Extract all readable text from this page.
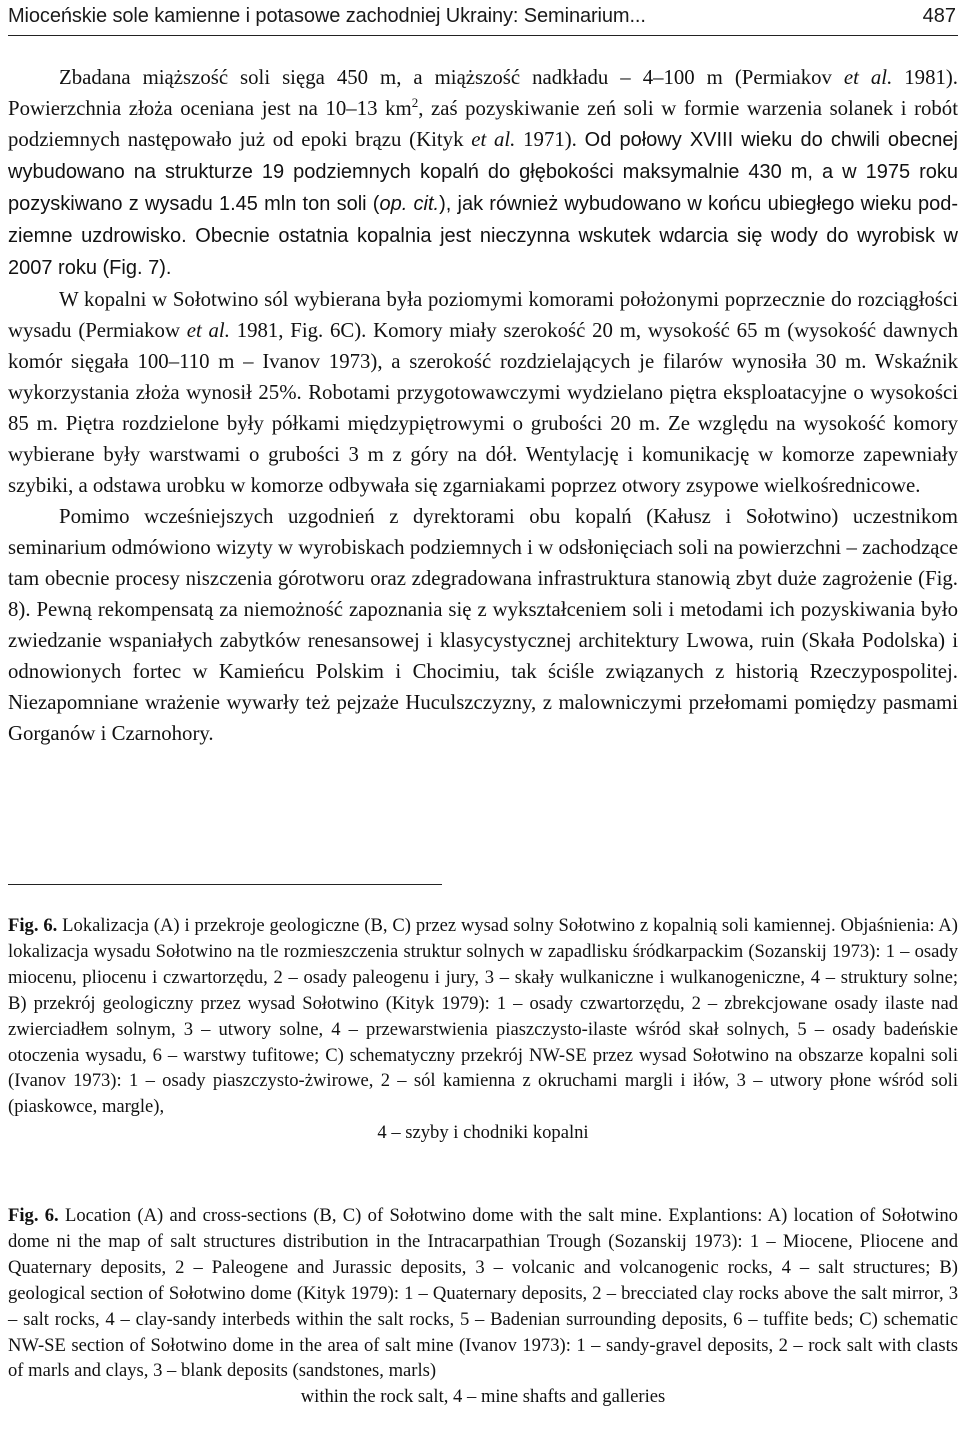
Mioceńskie sole kamienne i potasowe zachodniej Ukrainy: Seminarium...	487

Zbadana miąższość soli sięga 450 m, a miąższość nadkładu – 4–100 m (Permiakov et al. 1981). Powierzchnia złoża oceniana jest na 10–13 $km^2$, zaś pozyskiwanie zeń soli w formie warzenia solanek i robót podziemnych następowało już od epoki brązu (Kityk et al. 1971). Od połowy XVIII wieku do chwili obecnej wybudowano na strukturze 19 podziemnych kopalń do głębokości maksymalnie 430 m, a w 1975 roku pozyskiwano z wysadu 1.45 mln ton soli (op. cit.), jak również wybudowano w końcu ubiegłego wieku podziemne uzdrowisko. Obecnie ostatnia kopalnia jest nieczynna wskutek wdarcia się wody do wyrobisk w 2007 roku (Fig. 7).

W kopalni w Sołotwino sól wybierana była poziomymi komorami położonymi poprzecznie do rozciągłości wysadu (Permiakow et al. 1981, Fig. 6C). Komory miały szerokość 20 m, wysokość 65 m (wysokość dawnych komór sięgała 100–110 m – Ivanov 1973), a szerokość rozdzielających je filarów wynosiła 30 m. Wskaźnik wykorzystania złoża wynosił 25%. Robotami przygotowawczymi wydzielano piętra eksploatacyjne o wysokości 85 m. Piętra rozdzielone były półkami międzypiętrowymi o grubości 20 m. Ze względu na wysokość komory wybierane były warstwami o grubości 3 m z góry na dół. Wentylację i komunikację w komorze zapewniały szybiki, a odstawa urobku w komorze odbywała się zgarniakami poprzez otwory zsypowe wielkośrednicowe.

Pomimo wcześniejszych uzgodnień z dyrektorami obu kopalń (Kałusz i Sołotwino) uczestnikom seminarium odmówiono wizyty w wyrobiskach podziemnych i w odsłonięciach soli na powierzchni – zachodzące tam obecnie procesy niszczenia górotworu oraz zdegradowana infrastruktura stanowią zbyt duże zagrożenie (Fig. 8). Pewną rekompensatą za niemożność zapoznania się z wykształceniem soli i metodami ich pozyskiwania było zwiedzanie wspaniałych zabytków renesansowej i klasycystycznej architektury Lwowa, ruin (Skała Podolska) i odnowionych fortec w Kamieńcu Polskim i Chocimiu, tak ściśle związanych z historią Rzeczypospolitej. Niezapomniane wrażenie wywarły też pejzaże Huculszczyzny, z malowniczymi przełomami pomiędzy pasmami Gorganów i Czarnohory.

Fig. 6. Lokalizacja (A) i przekroje geologiczne (B, C) przez wysad solny Sołotwino z kopalnią soli kamiennej. Objaśnienia: A) lokalizacja wysadu Sołotwino na tle rozmieszczenia struktur solnych w zapadlisku śródkarpackim (Sozanskij 1973): 1 – osady miocenu, pliocenu i czwartorzędu, 2 – osady paleogenu i jury, 3 – skały wulkaniczne i wulkanogeniczne, 4 – struktury solne; B) przekrój geologiczny przez wysad Sołotwino (Kityk 1979): 1 – osady czwartorzędu, 2 – zbrekcjowane osady ilaste nad zwierciadłem solnym, 3 – utwory solne, 4 – przewarstwienia piaszczysto-ilaste wśród skał solnych, 5 – osady badeńskie otoczenia wysadu, 6 – warstwy tufitowe; C) schematyczny przekrój NW-SE przez wysad Sołotwino na obszarze kopalni soli (Ivanov 1973): 1 – osady piaszczysto-żwirowe, 2 – sól kamienna z okruchami margli i iłów, 3 – utwory płone wśród soli (piaskowce, margle),
4 – szyby i chodniki kopalni
Fig. 6. Location (A) and cross-sections (B, C) of Sołotwino dome with the salt mine. Explantions: A) location of Sołotwino dome ni the map of salt structures distribution in the Intracarpathian Trough (Sozanskij 1973): 1 – Miocene, Pliocene and Quaternary deposits, 2 – Paleogene and Jurassic deposits, 3 – volcanic and volcanogenic rocks, 4 – salt structures; B) geological section of Sołotwino dome (Kityk 1979): 1 – Quaternary deposits, 2 – brecciated clay rocks above the salt mirror, 3 – salt rocks, 4 – clay-sandy interbeds within the salt rocks, 5 – Badenian surrounding deposits, 6 – tuffite beds; C) schematic NW-SE section of Sołotwino dome in the area of salt mine (Ivanov 1973): 1 – sandy-gravel deposits, 2 – rock salt with clasts of marls and clays, 3 – blank deposits (sandstones, marls)
within the rock salt, 4 – mine shafts and galleries
